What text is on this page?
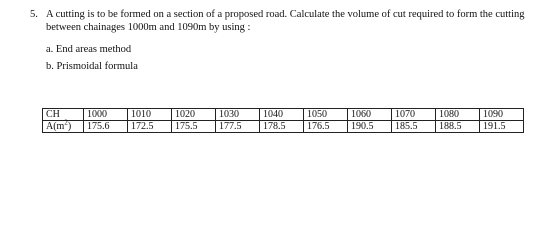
5. A cutting is to be formed on a section of a proposed road. Calculate the volume of cut required to form the cutting between chainages 1000m and 1090m by using :
a. End areas method
b. Prismoidal formula
CH	1000	1010	1020	1030	1040	1050	1060	1070	1080	1090
$A(m^2)$	175.6	172.5	175.5	177.5	178.5	176.5	190.5	185.5	188.5	191.5
